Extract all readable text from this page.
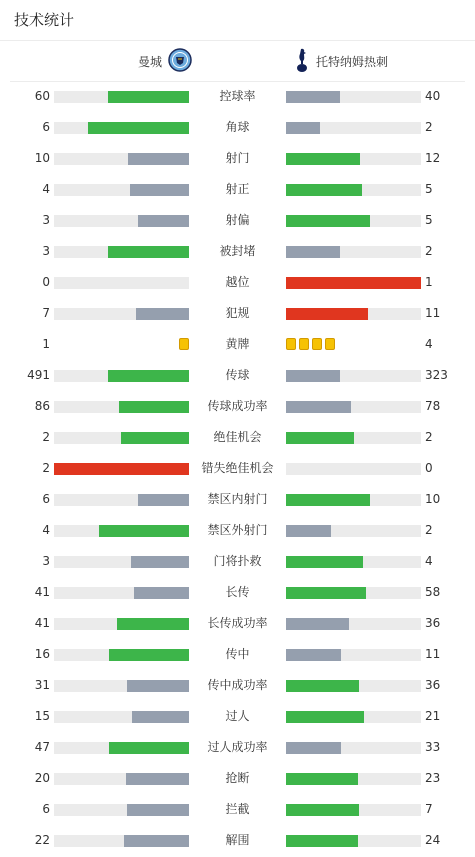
技术统计
曼城	托特纳姆热刺
60	控球率	40
6	角球	2
10	射门	12
4	射正	5
3	射偏	5
3	被封堵	2
0	越位	1
7	犯规	11
1	黄牌	4
491	传球	323
86	传球成功率	78
2	绝佳机会	2
2	错失绝佳机会	0
6	禁区内射门	10
4	禁区外射门	2
3	门将扑救	4
41	长传	58
41	长传成功率	36
16	传中	11
31	传中成功率	36
15	过人	21
47	过人成功率	33
20	抢断	23
6	拦截	7
22	解围	24
